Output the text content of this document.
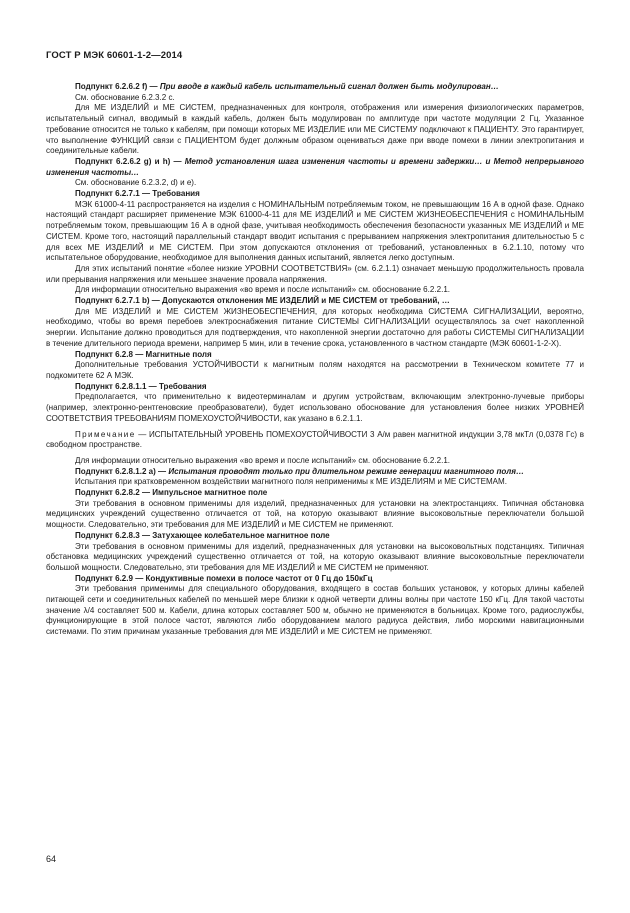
ГОСТ Р МЭК 60601-1-2—2014

Подпункт 6.2.6.2 f) — При вводе в каждый кабель испытательный сигнал должен быть модулирован…

См. обоснование 6.2.3.2 с.

Для МЕ ИЗДЕЛИЙ и МЕ СИСТЕМ, предназначенных для контроля, отображения или измерения физиологических параметров, испытательный сигнал, вводимый в каждый кабель, должен быть модулирован по амплитуде при частоте модуляции 2 Гц. Указанное требование относится не только к кабелям, при помощи которых МЕ ИЗДЕЛИЕ или МЕ СИСТЕМУ подключают к ПАЦИЕНТУ. Это гарантирует, что выполнение ФУНКЦИЙ связи с ПАЦИЕНТОМ будет должным образом оцениваться даже при вводе помехи в линии электропитания и соединительные кабели.

Подпункт 6.2.6.2 g) и h) — Метод установления шага изменения частоты и времени задержки… и Метод непрерывного изменения частоты…

См. обоснование 6.2.3.2, d) и e).

Подпункт 6.2.7.1 — Требования

МЭК 61000-4-11 распространяется на изделия с НОМИНАЛЬНЫМ потребляемым током, не превышающим 16 А в одной фазе. Однако настоящий стандарт расширяет применение МЭК 61000-4-11 для МЕ ИЗДЕЛИЙ и МЕ СИСТЕМ ЖИЗНЕОБЕСПЕЧЕНИЯ с НОМИНАЛЬНЫМ потребляемым током, превышающим 16 А в одной фазе, учитывая необходимость обеспечения безопасности указанных МЕ ИЗДЕЛИЙ и МЕ СИСТЕМ. Кроме того, настоящий параллельный стандарт вводит испытания с прерыванием напряжения электропитания длительностью 5 с для всех МЕ ИЗДЕЛИЙ и МЕ СИСТЕМ. При этом допускаются отклонения от требований, установленных в 6.2.1.10, потому что испытательное оборудование, необходимое для выполнения данных испытаний, является легко доступным.

Для этих испытаний понятие «более низкие УРОВНИ СООТВЕТСТВИЯ» (см. 6.2.1.1) означает меньшую продолжительность провала или прерывания напряжения или меньшее значение провала напряжения.

Для информации относительно выражения «во время и после испытаний» см. обоснование 6.2.2.1.

Подпункт 6.2.7.1 b) — Допускаются отклонения МЕ ИЗДЕЛИЙ и МЕ СИСТЕМ от требований, …

Для МЕ ИЗДЕЛИЙ и МЕ СИСТЕМ ЖИЗНЕОБЕСПЕЧЕНИЯ, для которых необходима СИСТЕМА СИГНАЛИЗАЦИИ, вероятно, необходимо, чтобы во время перебоев электроснабжения питание СИСТЕМЫ СИГНАЛИЗАЦИИ осуществлялось за счет накопленной энергии. Испытание должно проводиться для подтверждения, что накопленной энергии достаточно для работы СИСТЕМЫ СИГНАЛИЗАЦИИ в течение длительного периода времени, например 5 мин, или в течение срока, установленного в частном стандарте (МЭК 60601-1-2-Х).

Подпункт 6.2.8 — Магнитные поля

Дополнительные требования УСТОЙЧИВОСТИ к магнитным полям находятся на рассмотрении в Техническом комитете 77 и подкомитете 62 А МЭК.

Подпункт 6.2.8.1.1 — Требования

Предполагается, что применительно к видеотерминалам и другим устройствам, включающим электронно-лучевые приборы (например, электронно-рентгеновские преобразователи), будет использовано обоснование для установления более низких УРОВНЕЙ СООТВЕТСТВИЯ ТРЕБОВАНИЯМ ПОМЕХОУСТОЙЧИВОСТИ, как указано в 6.2.1.1.

Примечание — ИСПЫТАТЕЛЬНЫЙ УРОВЕНЬ ПОМЕХОУСТОЙЧИВОСТИ 3 А/м равен магнитной индукции 3,78 мкТл (0,0378 Гс) в свободном пространстве.

Для информации относительно выражения «во время и после испытаний» см. обоснование 6.2.2.1.

Подпункт 6.2.8.1.2 а) — Испытания проводят только при длительном режиме генерации магнитного поля…

Испытания при кратковременном воздействии магнитного поля неприменимы к МЕ ИЗДЕЛИЯМ и МЕ СИСТЕМАМ.

Подпункт 6.2.8.2 — Импульсное магнитное поле

Эти требования в основном применимы для изделий, предназначенных для установки на электростанциях. Типичная обстановка медицинских учреждений существенно отличается от той, на которую оказывают влияние высоковольтные переключатели большой мощности. Следовательно, эти требования для МЕ ИЗДЕЛИЙ и МЕ СИСТЕМ не применяют.

Подпункт 6.2.8.3 — Затухающее колебательное магнитное поле

Эти требования в основном применимы для изделий, предназначенных для установки на высоковольтных подстанциях. Типичная обстановка медицинских учреждений существенно отличается от той, на которую оказывают влияние высоковольтные переключатели большой мощности. Следовательно, эти требования для МЕ ИЗДЕЛИЙ и МЕ СИСТЕМ не применяют.

Подпункт 6.2.9 — Кондуктивные помехи в полосе частот от 0 Гц до 150кГц

Эти требования применимы для специального оборудования, входящего в состав больших установок, у которых длины кабелей питающей сети и соединительных кабелей по меньшей мере близки к одной четверти длины волны при частоте 150 кГц. Для такой частоты значение λ/4 составляет 500 м. Кабели, длина которых составляет 500 м, обычно не применяются в больницах. Кроме того, радиослужбы, функционирующие в этой полосе частот, являются либо оборудованием малого радиуса действия, либо морскими навигационными системами. По этим причинам указанные требования для МЕ ИЗДЕЛИЙ и МЕ СИСТЕМ не применяют.

64
